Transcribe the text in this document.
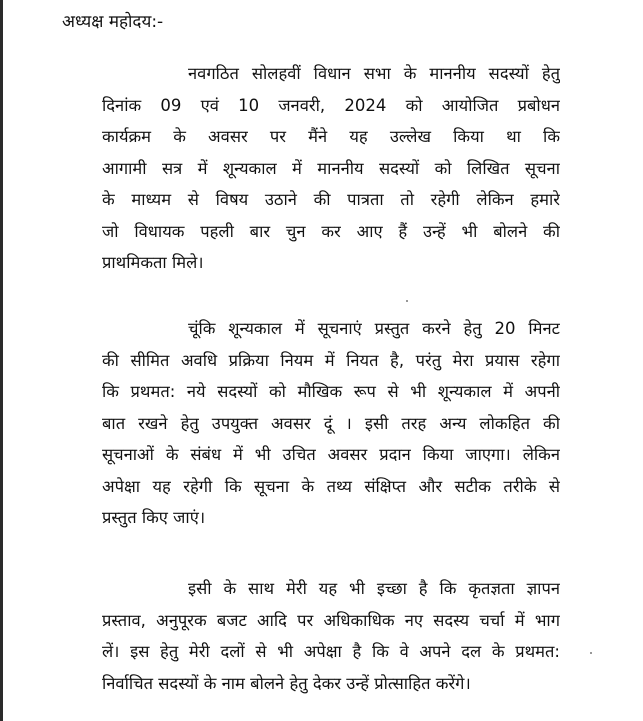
अध्यक्ष महोदय:-
नवगठित सोलहवीं विधान सभा के माननीय सदस्यों हेतु
दिनांक 09 एवं 10 जनवरी, 2024 को आयोजित प्रबोधन
कार्यक्रम के अवसर पर मैंने यह उल्लेख किया था कि
आगामी सत्र में शून्यकाल में माननीय सदस्यों को लिखित सूचना
के माध्यम से विषय उठाने की पात्रता तो रहेगी लेकिन हमारे
जो विधायक पहली बार चुन कर आए हैं उन्हें भी बोलने की
प्राथमिकता मिले।
चूंकि शून्यकाल में सूचनाएं प्रस्तुत करने हेतु 20 मिनट
की सीमित अवधि प्रक्रिया नियम में नियत है, परंतु मेरा प्रयास रहेगा
कि प्रथमत: नये सदस्यों को मौखिक रूप से भी शून्यकाल में अपनी
बात रखने हेतु उपयुक्त अवसर दूं । इसी तरह अन्य लोकहित की
सूचनाओं के संबंध में भी उचित अवसर प्रदान किया जाएगा। लेकिन
अपेक्षा यह रहेगी कि सूचना के तथ्य संक्षिप्त और सटीक तरीके से
प्रस्तुत किए जाएं।
इसी के साथ मेरी यह भी इच्छा है कि कृतज्ञता ज्ञापन
प्रस्ताव, अनुपूरक बजट आदि पर अधिकाधिक नए सदस्य चर्चा में भाग
लें। इस हेतु मेरी दलों से भी अपेक्षा है कि वे अपने दल के प्रथमत:
निर्वाचित सदस्यों के नाम बोलने हेतु देकर उन्हें प्रोत्साहित करेंगे।
